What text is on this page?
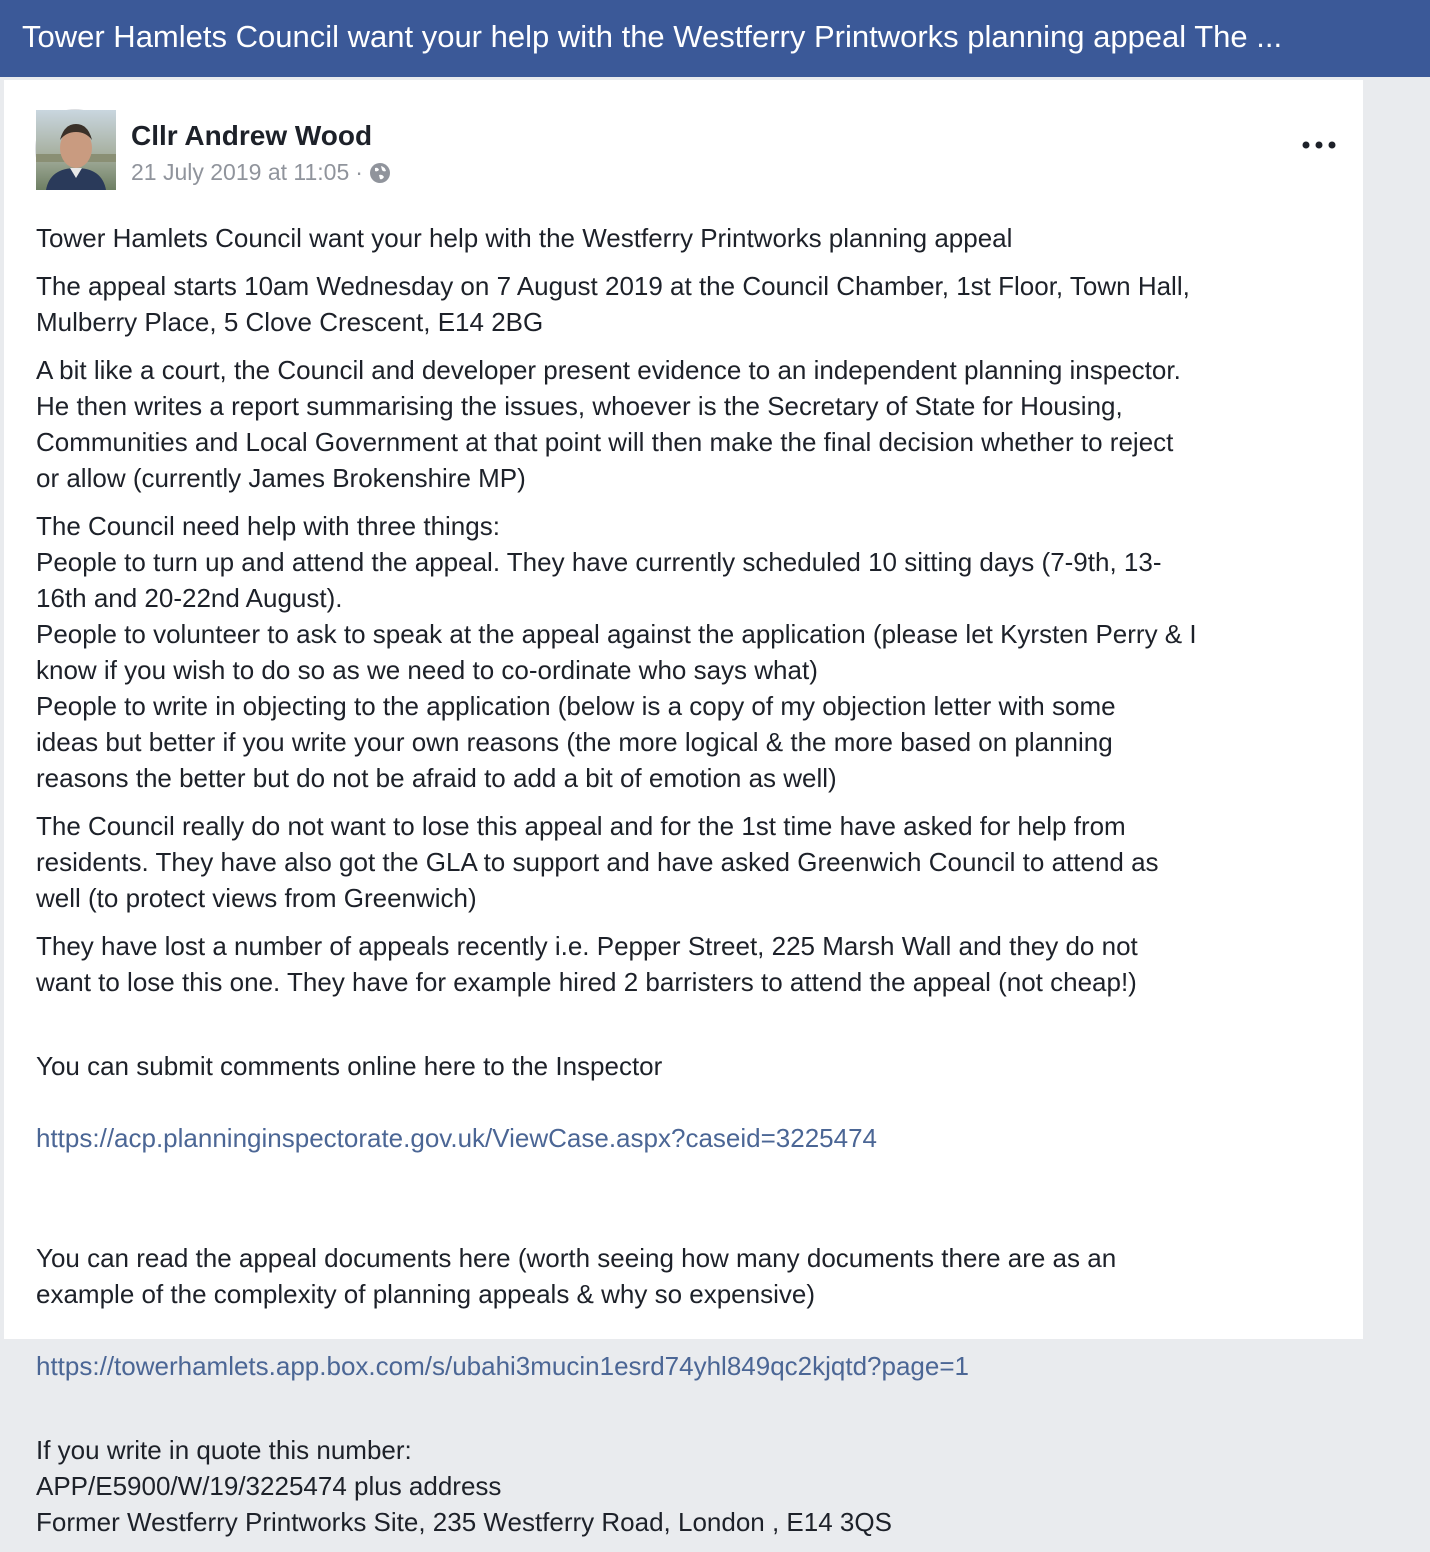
Tower Hamlets Council want your help with the Westferry Printworks planning appeal The ...
Cllr Andrew Wood
21 July 2019 at 11:05 ·

Tower Hamlets Council want your help with the Westferry Printworks planning appeal

The appeal starts 10am Wednesday on 7 August 2019 at the Council Chamber, 1st Floor, Town Hall,
Mulberry Place, 5 Clove Crescent, E14 2BG

A bit like a court, the Council and developer present evidence to an independent planning inspector.
He then writes a report summarising the issues, whoever is the Secretary of State for Housing,
Communities and Local Government at that point will then make the final decision whether to reject
or allow (currently James Brokenshire MP)

The Council need help with three things:
People to turn up and attend the appeal. They have currently scheduled 10 sitting days (7-9th, 13-
16th and 20-22nd August).
People to volunteer to ask to speak at the appeal against the application (please let Kyrsten Perry & I
know if you wish to do so as we need to co-ordinate who says what)
People to write in objecting to the application (below is a copy of my objection letter with some
ideas but better if you write your own reasons (the more logical & the more based on planning
reasons the better but do not be afraid to add a bit of emotion as well)

The Council really do not want to lose this appeal and for the 1st time have asked for help from
residents. They have also got the GLA to support and have asked Greenwich Council to attend as
well (to protect views from Greenwich)

They have lost a number of appeals recently i.e. Pepper Street, 225 Marsh Wall and they do not
want to lose this one. They have for example hired 2 barristers to attend the appeal (not cheap!)

You can submit comments online here to the Inspector

https://acp.planninginspectorate.gov.uk/ViewCase.aspx?caseid=3225474

You can read the appeal documents here (worth seeing how many documents there are as an
example of the complexity of planning appeals & why so expensive)

https://towerhamlets.app.box.com/s/ubahi3mucin1esrd74yhl849qc2kjqtd?page=1

If you write in quote this number:
APP/E5900/W/19/3225474 plus address
Former Westferry Printworks Site, 235 Westferry Road, London , E14 3QS
